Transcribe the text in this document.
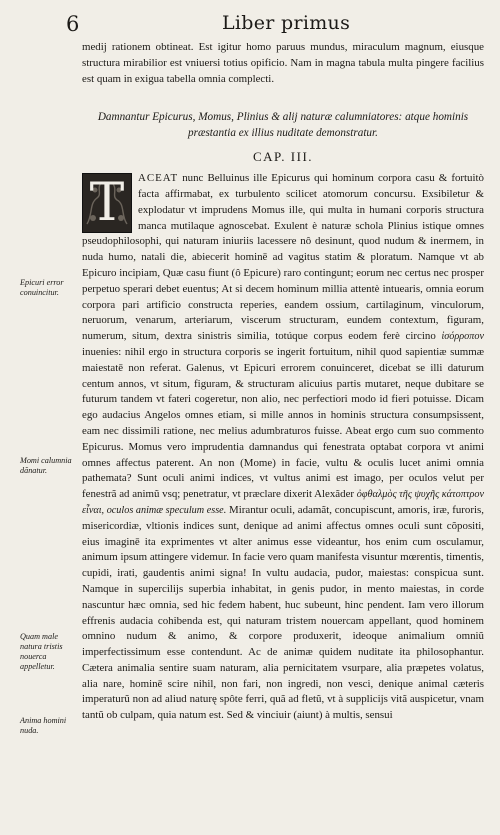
6	Liber primus

medij rationem obtineat. Est igitur homo paruus mundus, miraculum magnum, eiusque structura mirabilior est vniuersi totius opificio. Nam in magna tabula multa pingere facilius est quam in exigua tabella omnia complecti.

Damnantur Epicurus, Momus, Plinius & alij naturæ calumniatores: atque hominis præstantia ex illius nuditate demonstratur.
CAP. III.
T	ACEAT nunc Belluinus ille Epicurus qui hominum corpora casu & fortuitò facta affirmabat, ex turbulento scilicet atomorum concursu. Exsibiletur & explodatur vt imprudens Momus ille, qui multa in humani corporis structura manca mutilaque agnoscebat. Exulent è naturæ schola Plinius istique omnes pseudophilosophi, qui naturam iniuriis lacessere nô desinunt, quod nudum & inermem, in nuda humo, natali die, abiecerit hominē ad vagitus statim & ploratum. Namque vt ab Epicuro incipiam, Quæ casu fiunt (ô Epicure) raro contingunt; eorum nec certus nec prosper perpetuo sperari debet euentus; At si decem hominum millia attentè intuearis, omnia eorum corpora pari artificio constructa reperies, eandem ossium, cartilaginum, vinculorum, neruorum, venarum, arteriarum, viscerum structuram, eundem contextum, figuram, numerum, situm, dextra sinistris similia, totúque corpus eodem ferè circino ἰσόρροπον inuenies: nihil ergo in structura corporis se ingerit fortuitum, nihil quod sapientiæ summæ maiestatē non referat. Galenus, vt Epicuri errorem conuinceret, dicebat se illi daturum centum annos, vt situm, figuram, & structuram alicuius partis mutaret, neque dubitare se futurum tandem vt fateri cogeretur, non alio, nec perfectiori modo id fieri potuisse. Dicam ego audacius Angelos omnes etiam, si mille annos in hominis structura consumpsissent, eam nec dissimili ratione, nec melius adumbraturos fuisse. Abeat ergo cum suo commento Epicurus. Momus vero imprudentia damnandus qui fenestrata optabat corpora vt animi omnes affectus paterent. An non (Mome) in facie, vultu & oculis lucet animi omnia pathemata? Sunt oculi animi indices, vt vultus animi est imago, per oculos velut per fenestrã ad animũ vsq; penetratur, vt præclare dixerit Alexãder ὀφθαλμὸς τῆς ψυχῆς κάτοπτρον εἶναι, oculos animæ speculum esse. Mirantur oculi, adamãt, concupiscunt, amoris, iræ, furoris, misericordiæ, vltionis indices sunt, denique ad animi affectus omnes oculi sunt cõpositi, eius imaginē ita exprimentes vt alter animus esse videantur, hos enim cum osculamur, animum ipsum attingere videmur. In facie vero quam manifesta visuntur mœrentis, timentis, cupidi, irati, gaudentis animi signa! In vultu audacia, pudor, maiestas: conspicua sunt. Namque in supercilijs superbia inhabitat, in genis pudor, in mento maiestas, in corde nascuntur hæc omnia, sed hic fedem habent, huc subeunt, hinc pendent. Iam vero illorum effrenis audacia cohibenda est, qui naturam tristem nouercam appellant, quod hominem omnino nudum & animo, & corpore produxerit, ideoque animalium omniũ imperfectissimum esse contendunt. Ac de animæ quidem nuditate ita philosophantur. Cætera animalia sentire suam naturam, alia pernicitatem vsurpare, alia præpetes volatus, alia nare, hominē scire nihil, non fari, non ingredi, non vesci, denique animal cæteris imperaturũ non ad aliud naturę spôte ferri, quã ad fletũ, vt à supplicijs vitã auspicetur, vnam tantũ ob culpam, quia natum est. Sed & vinciuir (aiunt) à multis, sensui

Epicuri error conuincitur.
Momi calumnia dãnatur.
Quam male natura tristis nouerca appelletur.
Anima homini nuda.
